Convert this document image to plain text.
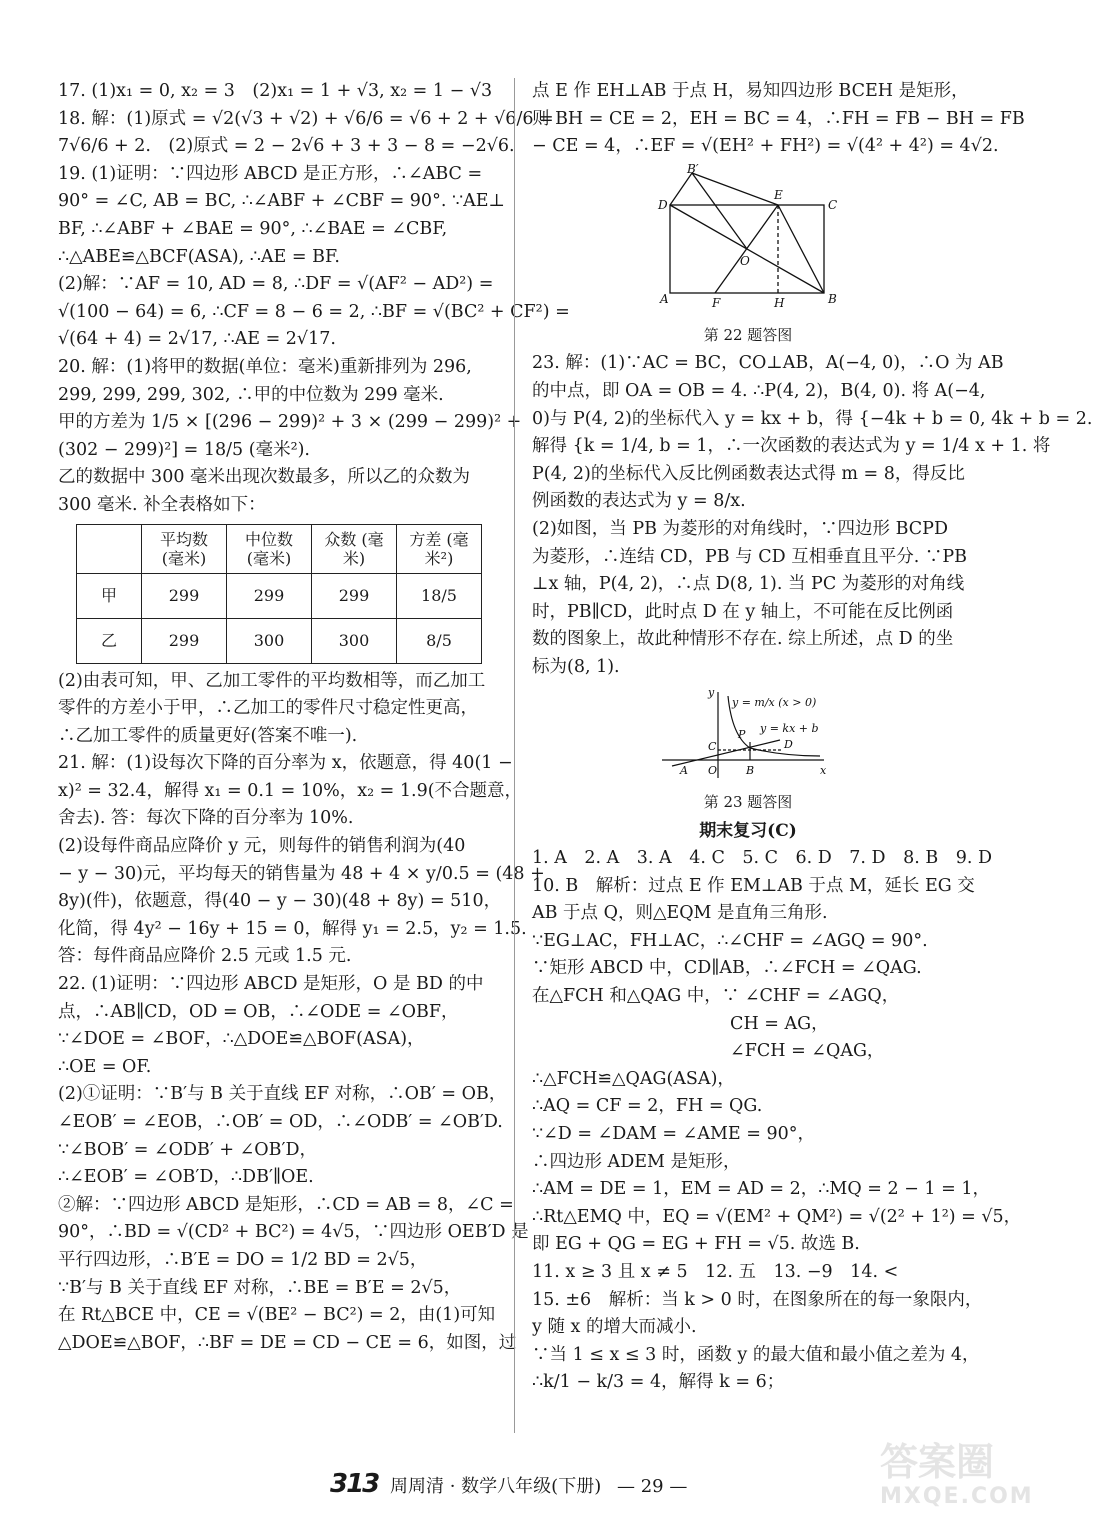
17. (1)x₁ = 0, x₂ = 3　(2)x₁ = 1 + √3, x₂ = 1 − √3
18. 解：(1)原式 = √2(√3 + √2) + √6/6 = √6 + 2 + √6/6 =
7√6/6 + 2.　(2)原式 = 2 − 2√6 + 3 + 3 − 8 = −2√6.
19. (1)证明：∵四边形 ABCD 是正方形，∴∠ABC =
90° = ∠C, AB = BC, ∴∠ABF + ∠CBF = 90°. ∵AE⊥
BF, ∴∠ABF + ∠BAE = 90°, ∴∠BAE = ∠CBF,
∴△ABE≌△BCF(ASA), ∴AE = BF.
(2)解：∵AF = 10, AD = 8, ∴DF = √(AF² − AD²) =
√(100 − 64) = 6, ∴CF = 8 − 6 = 2, ∴BF = √(BC² + CF²) =
√(64 + 4) = 2√17, ∴AE = 2√17.
20. 解：(1)将甲的数据(单位：毫米)重新排列为 296,
299, 299, 299, 302, ∴甲的中位数为 299 毫米.
甲的方差为 1/5 × [(296 − 299)² + 3 × (299 − 299)² +
(302 − 299)²] = 18/5 (毫米²).
乙的数据中 300 毫米出现次数最多，所以乙的众数为
300 毫米. 补全表格如下：
	平均数 (毫米)	中位数 (毫米)	众数 (毫米)	方差 (毫米²)
甲	299	299	299	18/5
乙	299	300	300	8/5
(2)由表可知，甲、乙加工零件的平均数相等，而乙加工
零件的方差小于甲，∴乙加工的零件尺寸稳定性更高，
∴乙加工零件的质量更好(答案不唯一).
21. 解：(1)设每次下降的百分率为 x，依题意，得 40(1 −
x)² = 32.4，解得 x₁ = 0.1 = 10%，x₂ = 1.9(不合题意，
舍去). 答：每次下降的百分率为 10%.
(2)设每件商品应降价 y 元，则每件的销售利润为(40
− y − 30)元，平均每天的销售量为 48 + 4 × y/0.5 = (48 +
8y)(件)，依题意，得(40 − y − 30)(48 + 8y) = 510，
化简，得 4y² − 16y + 15 = 0，解得 y₁ = 2.5，y₂ = 1.5.
答：每件商品应降价 2.5 元或 1.5 元.
22. (1)证明：∵四边形 ABCD 是矩形，O 是 BD 的中
点，∴AB∥CD，OD = OB，∴∠ODE = ∠OBF，
∵∠DOE = ∠BOF，∴△DOE≌△BOF(ASA)，
∴OE = OF.
(2)①证明：∵B′与 B 关于直线 EF 对称，∴OB′ = OB，
∠EOB′ = ∠EOB，∴OB′ = OD，∴∠ODB′ = ∠OB′D.
∵∠BOB′ = ∠ODB′ + ∠OB′D，
∴∠EOB′ = ∠OB′D，∴DB′∥OE.
②解：∵四边形 ABCD 是矩形，∴CD = AB = 8，∠C =
90°，∴BD = √(CD² + BC²) = 4√5，∵四边形 OEB′D 是
平行四边形，∴B′E = DO = 1/2 BD = 2√5，
∵B′与 B 关于直线 EF 对称，∴BE = B′E = 2√5，
在 Rt△BCE 中，CE = √(BE² − BC²) = 2，由(1)可知
△DOE≌△BOF，∴BF = DE = CD − CE = 6，如图，过
点 E 作 EH⊥AB 于点 H，易知四边形 BCEH 是矩形，
则 BH = CE = 2，EH = BC = 4，∴FH = FB − BH = FB
− CE = 4，∴EF = √(EH² + FH²) = √(4² + 4²) = 4√2.
B′
D
E
C
O
A	F	H	B
第 22 题答图
23. 解：(1)∵AC = BC，CO⊥AB，A(−4, 0)，∴O 为 AB
的中点，即 OA = OB = 4. ∴P(4, 2)，B(4, 0). 将 A(−4,
0)与 P(4, 2)的坐标代入 y = kx + b，得 {−4k + b = 0, 4k + b = 2.
解得 {k = 1/4, b = 1，∴一次函数的表达式为 y = 1/4 x + 1. 将
P(4, 2)的坐标代入反比例函数表达式得 m = 8，得反比
例函数的表达式为 y = 8/x.
(2)如图，当 PB 为菱形的对角线时，∵四边形 BCPD
为菱形，∴连结 CD，PB 与 CD 互相垂直且平分. ∵PB
⊥x 轴，P(4, 2)，∴点 D(8, 1). 当 PC 为菱形的对角线
时，PB∥CD，此时点 D 在 y 轴上，不可能在反比例函
数的图象上，故此种情形不存在. 综上所述，点 D 的坐
标为(8, 1).
y
y = m/x (x > 0)
P y = kx + b
C	D
A O	B	x
第 23 题答图
期末复习(C)
1. A　2. A　3. A　4. C　5. C　6. D　7. D　8. B　9. D
10. B　解析：过点 E 作 EM⊥AB 于点 M，延长 EG 交
AB 于点 Q，则△EQM 是直角三角形.
∵EG⊥AC，FH⊥AC，∴∠CHF = ∠AGQ = 90°.
∵矩形 ABCD 中，CD∥AB，∴∠FCH = ∠QAG.
在△FCH 和△QAG 中，∵ ∠CHF = ∠AGQ，
　　　　　　　　　　　 CH = AG，
　　　　　　　　　　　 ∠FCH = ∠QAG，
∴△FCH≌△QAG(ASA)，
∴AQ = CF = 2，FH = QG.
∵∠D = ∠DAM = ∠AME = 90°，
∴四边形 ADEM 是矩形，
∴AM = DE = 1，EM = AD = 2，∴MQ = 2 − 1 = 1，
∴Rt△EMQ 中，EQ = √(EM² + QM²) = √(2² + 1²) = √5，
即 EG + QG = EG + FH = √5. 故选 B.
11. x ≥ 3 且 x ≠ 5　12. 五　13. −9　14. <
15. ±6　解析：当 k > 0 时，在图象所在的每一象限内，
y 随 x 的增大而减小.
∵当 1 ≤ x ≤ 3 时，函数 y 的最大值和最小值之差为 4，
∴k/1 − k/3 = 4，解得 k = 6；
313 周周清 · 数学八年级(下册) — 29 —
答案圈
MXQE.COM
